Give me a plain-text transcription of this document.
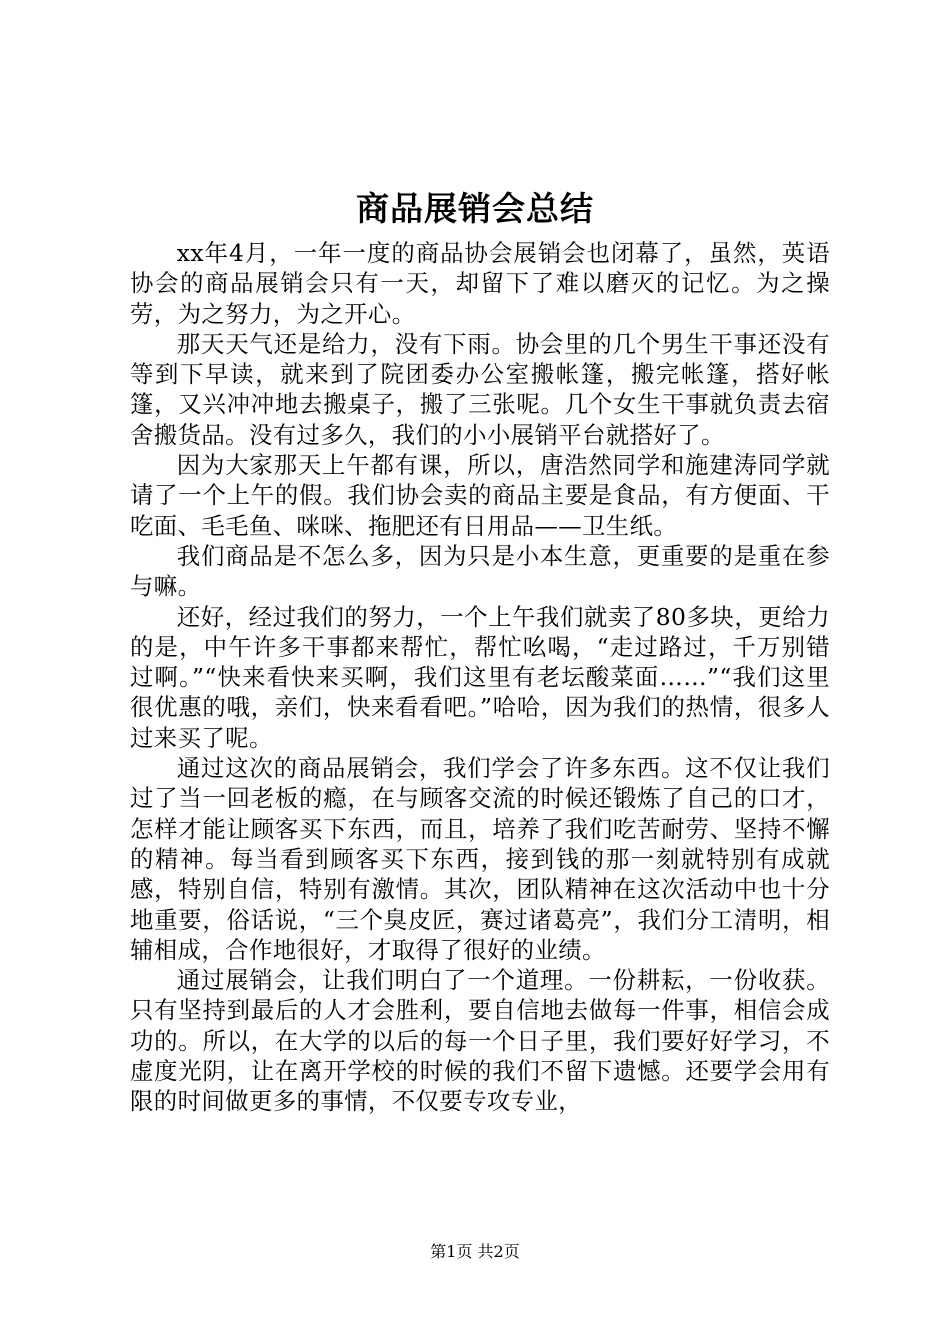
商品展销会总结

xx年4月，一年一度的商品协会展销会也闭幕了，虽然，英语协会的商品展销会只有一天，却留下了难以磨灭的记忆。为之操劳，为之努力，为之开心。

那天天气还是给力，没有下雨。协会里的几个男生干事还没有等到下早读，就来到了院团委办公室搬帐篷，搬完帐篷，搭好帐篷，又兴冲冲地去搬桌子，搬了三张呢。几个女生干事就负责去宿舍搬货品。没有过多久，我们的小小展销平台就搭好了。

因为大家那天上午都有课，所以，唐浩然同学和施建涛同学就请了一个上午的假。我们协会卖的商品主要是食品，有方便面、干吃面、毛毛鱼、咪咪、拖肥还有日用品——卫生纸。

我们商品是不怎么多，因为只是小本生意，更重要的是重在参与嘛。

还好，经过我们的努力，一个上午我们就卖了80多块，更给力的是，中午许多干事都来帮忙，帮忙吆喝，“走过路过，千万别错过啊。”“快来看快来买啊，我们这里有老坛酸菜面……”“我们这里很优惠的哦，亲们，快来看看吧。”哈哈，因为我们的热情，很多人过来买了呢。

通过这次的商品展销会，我们学会了许多东西。这不仅让我们过了当一回老板的瘾，在与顾客交流的时候还锻炼了自己的口才，怎样才能让顾客买下东西，而且，培养了我们吃苦耐劳、坚持不懈的精神。每当看到顾客买下东西，接到钱的那一刻就特别有成就感，特别自信，特别有激情。其次，团队精神在这次活动中也十分地重要，俗话说，“三个臭皮匠，赛过诸葛亮”，我们分工清明，相辅相成，合作地很好，才取得了很好的业绩。

通过展销会，让我们明白了一个道理。一份耕耘，一份收获。只有坚持到最后的人才会胜利，要自信地去做每一件事，相信会成功的。所以，在大学的以后的每一个日子里，我们要好好学习，不虚度光阴，让在离开学校的时候的我们不留下遗憾。还要学会用有限的时间做更多的事情，不仅要专攻专业，

第1页 共2页
